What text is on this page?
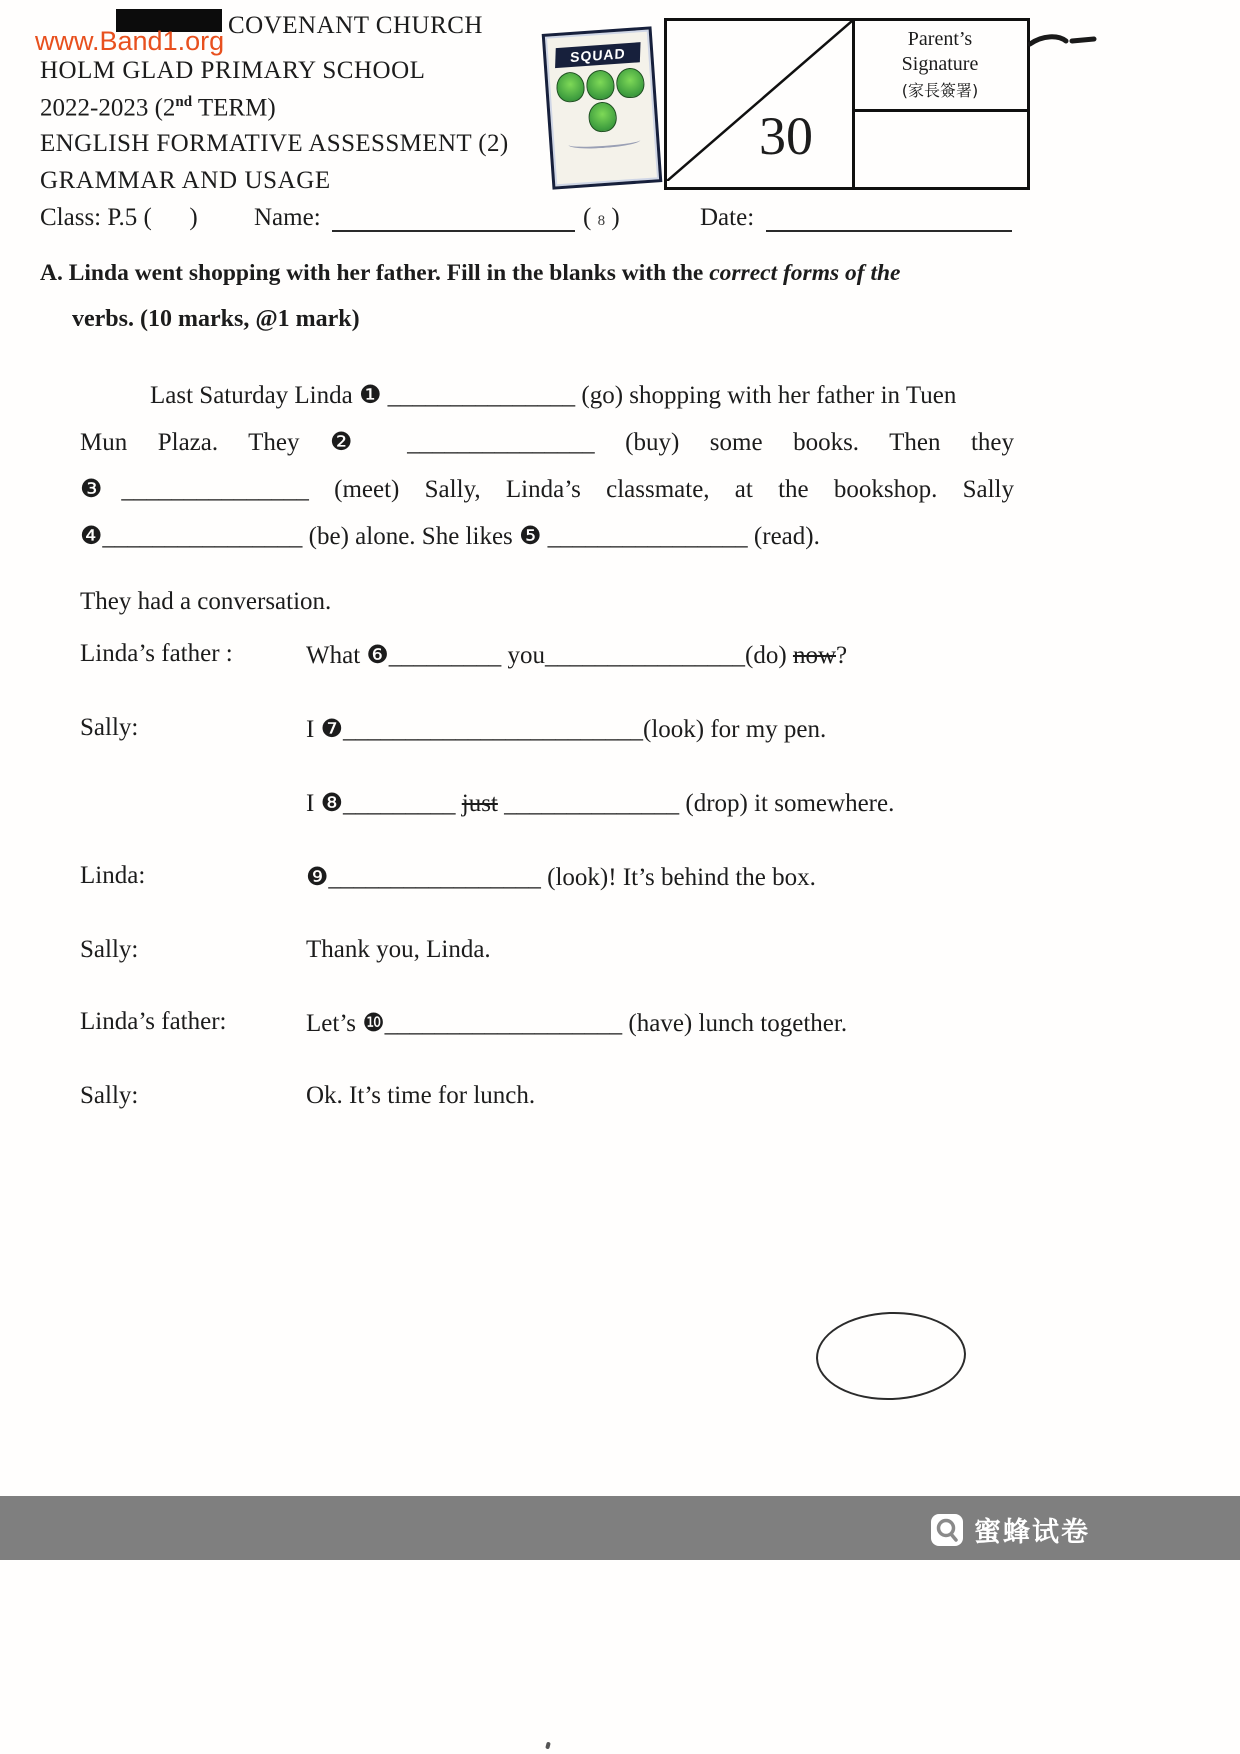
www.Band1.org
COVENANT CHURCH
HOLM GLAD PRIMARY SCHOOL
2022-2023 (2nd TERM)
ENGLISH FORMATIVE ASSESSMENT (2)
GRAMMAR AND USAGE
SQUAD
30
Parent’s
Signature
(家長簽署)
Class: P.5 (      ) Name:	( 8 )	Date:
A. Linda went shopping with her father. Fill in the blanks with the correct forms of the
verbs. (10 marks, @1 mark)
Last Saturday Linda ❶ _______________ (go) shopping with her father in Tuen
Mun Plaza. They ❷ _______________ (buy) some books. Then they
❸_______________ (meet) Sally, Linda’s classmate, at the bookshop. Sally
❹________________ (be) alone. She likes ❺ ________________ (read).
They had a conversation.
Linda’s father :	What ❻_________ you________________(do) now?
Sally:	I ❼________________________(look) for my pen.
I ❽_________ just ______________ (drop) it somewhere.
Linda:	❾_________________ (look)! It’s behind the box.
Sally:	Thank you, Linda.
Linda’s father:	Let’s ❿___________________ (have) lunch together.
Sally:	Ok. It’s time for lunch.
蜜蜂试卷
